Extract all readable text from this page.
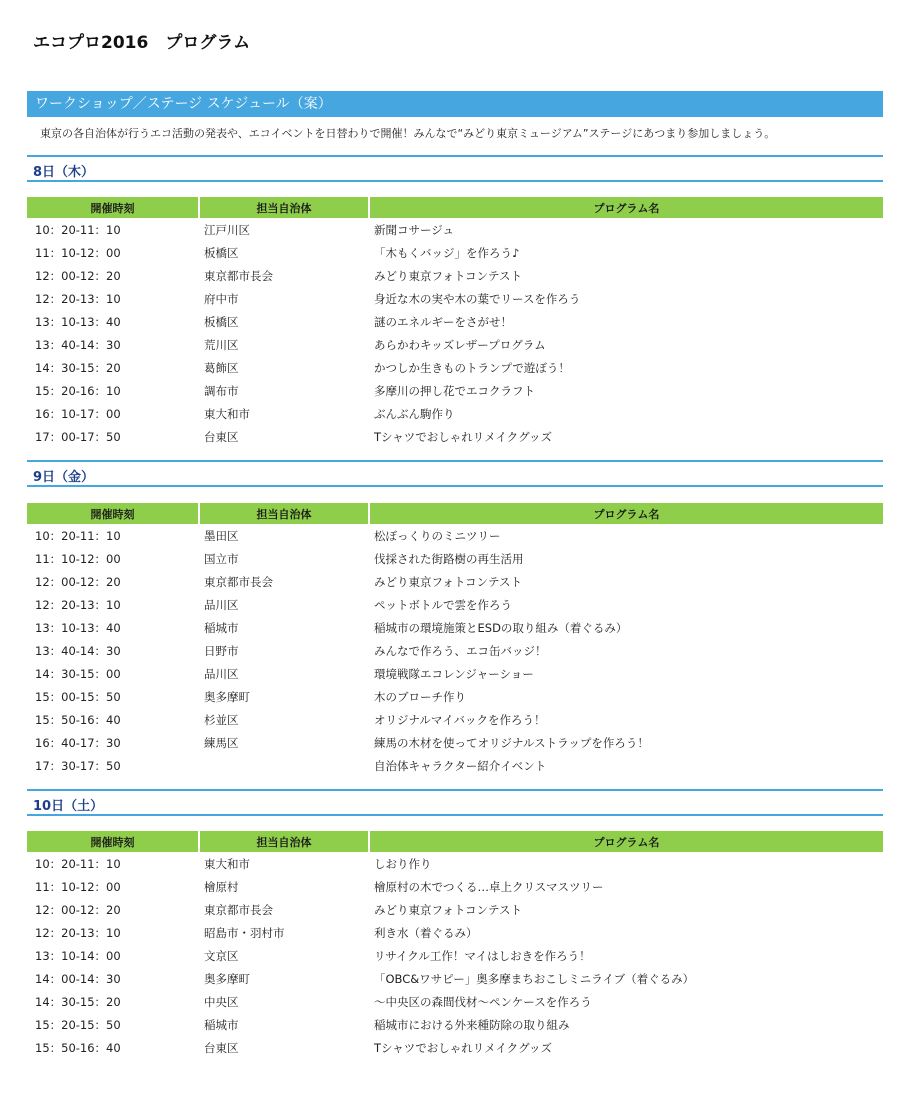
エコプロ2016　プログラム
ワークショップ／ステージ スケジュール（案）
東京の各自治体が行うエコ活動の発表や、エコイベントを日替わりで開催！みんなで“みどり東京ミュージアム”ステージにあつまり参加しましょう。
8日（木）
開催時刻	担当自治体	プログラム名
10：20-11：10	江戸川区	新聞コサージュ
11：10-12：00	板橋区	「木もくバッジ」を作ろう♪
12：00-12：20	東京都市長会	みどり東京フォトコンテスト
12：20-13：10	府中市	身近な木の実や木の葉でリースを作ろう
13：10-13：40	板橋区	謎のエネルギーをさがせ！
13：40-14：30	荒川区	あらかわキッズレザープログラム
14：30-15：20	葛飾区	かつしか生きものトランプで遊ぼう！
15：20-16：10	調布市	多摩川の押し花でエコクラフト
16：10-17：00	東大和市	ぶんぶん駒作り
17：00-17：50	台東区	Tシャツでおしゃれリメイクグッズ
9日（金）
開催時刻	担当自治体	プログラム名
10：20-11：10	墨田区	松ぼっくりのミニツリー
11：10-12：00	国立市	伐採された街路樹の再生活用
12：00-12：20	東京都市長会	みどり東京フォトコンテスト
12：20-13：10	品川区	ペットボトルで雲を作ろう
13：10-13：40	稲城市	稲城市の環境施策とESDの取り組み（着ぐるみ）
13：40-14：30	日野市	みんなで作ろう、エコ缶バッジ！
14：30-15：00	品川区	環境戦隊エコレンジャーショー
15：00-15：50	奥多摩町	木のブローチ作り
15：50-16：40	杉並区	オリジナルマイバックを作ろう！
16：40-17：30	練馬区	練馬の木材を使ってオリジナルストラップを作ろう！
17：30-17：50		自治体キャラクター紹介イベント
10日（土）
開催時刻	担当自治体	プログラム名
10：20-11：10	東大和市	しおり作り
11：10-12：00	檜原村	檜原村の木でつくる…卓上クリスマスツリー
12：00-12：20	東京都市長会	みどり東京フォトコンテスト
12：20-13：10	昭島市・羽村市	利き水（着ぐるみ）
13：10-14：00	文京区	リサイクル工作！マイはしおきを作ろう！
14：00-14：30	奥多摩町	「OBC&ワサピー」奥多摩まちおこしミニライブ（着ぐるみ）
14：30-15：20	中央区	〜中央区の森間伐材〜ペンケースを作ろう
15：20-15：50	稲城市	稲城市における外来種防除の取り組み
15：50-16：40	台東区	Tシャツでおしゃれリメイクグッズ
